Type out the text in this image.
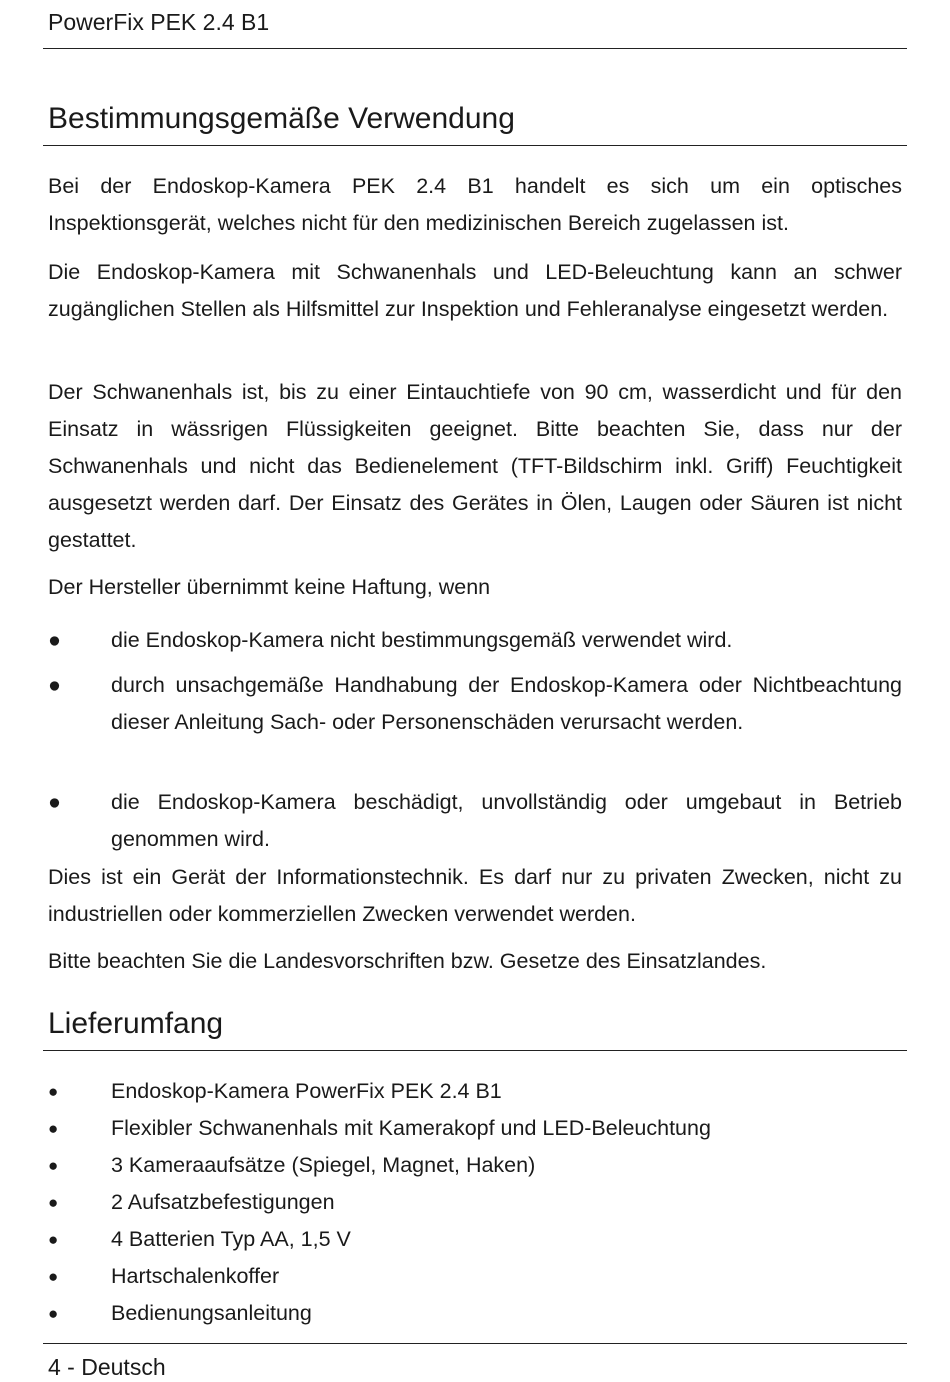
PowerFix PEK 2.4 B1
Bestimmungsgemäße Verwendung

Bei der Endoskop-Kamera PEK 2.4 B1 handelt es sich um ein optisches Inspektionsgerät, welches nicht für den medizinischen Bereich zugelassen ist.

Die Endoskop-Kamera mit Schwanenhals und LED-Beleuchtung kann an schwer zugänglichen Stellen als Hilfsmittel zur Inspektion und Fehleranalyse eingesetzt werden.

Der Schwanenhals ist, bis zu einer Eintauchtiefe von 90 cm, wasserdicht und für den Einsatz in wässrigen Flüssigkeiten geeignet. Bitte beachten Sie, dass nur der Schwanenhals und nicht das Bedienelement (TFT-Bildschirm inkl. Griff) Feuchtigkeit ausgesetzt werden darf. Der Einsatz des Gerätes in Ölen, Laugen oder Säuren ist nicht gestattet.

Der Hersteller übernimmt keine Haftung, wenn

●	die Endoskop-Kamera nicht bestimmungsgemäß verwendet wird.
●	durch unsachgemäße Handhabung der Endoskop-Kamera oder Nichtbeachtung dieser Anleitung Sach- oder Personenschäden verursacht werden.
●	die Endoskop-Kamera beschädigt, unvollständig oder umgebaut in Betrieb genommen wird.

Dies ist ein Gerät der Informationstechnik. Es darf nur zu privaten Zwecken, nicht zu industriellen oder kommerziellen Zwecken verwendet werden.

Bitte beachten Sie die Landesvorschriften bzw. Gesetze des Einsatzlandes.

Lieferumfang
●	Endoskop-Kamera PowerFix PEK 2.4 B1
●	Flexibler Schwanenhals mit Kamerakopf und LED-Beleuchtung
●	3 Kameraaufsätze (Spiegel, Magnet, Haken)
●	2 Aufsatzbefestigungen
●	4 Batterien Typ AA, 1,5 V
●	Hartschalenkoffer
●	Bedienungsanleitung
4 - Deutsch
